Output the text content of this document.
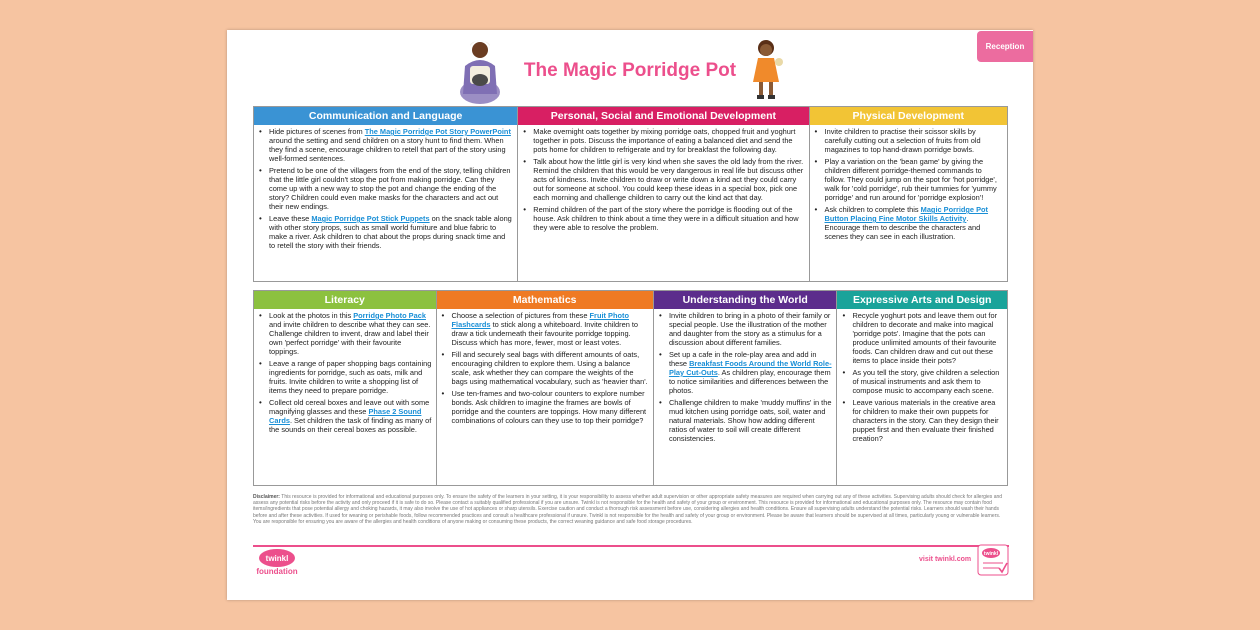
Reception
The Magic Porridge Pot
Communication and Language
• Hide pictures of scenes from The Magic Porridge Pot Story PowerPoint around the setting and send children on a story hunt to find them. When they find a scene, encourage children to retell that part of the story using well-formed sentences.
• Pretend to be one of the villagers from the end of the story, telling children that the little girl couldn't stop the pot from making porridge. Can they come up with a new way to stop the pot and change the ending of the story? Children could even make masks for the characters and act out their new endings.
• Leave these Magic Porridge Pot Stick Puppets on the snack table along with other story props, such as small world furniture and blue fabric to make a river. Ask children to chat about the props during snack time and to retell the story with their friends.
Personal, Social and Emotional Development
• Make overnight oats together by mixing porridge oats, chopped fruit and yoghurt together in pots. Discuss the importance of eating a balanced diet and send the pots home for children to refrigerate and try for breakfast the following day.
• Talk about how the little girl is very kind when she saves the old lady from the river. Remind the children that this would be very dangerous in real life but discuss other acts of kindness. Invite children to draw or write down a kind act they could carry out for someone at school. You could keep these ideas in a special box, pick one each morning and challenge children to carry out the kind act that day.
• Remind children of the part of the story where the porridge is flooding out of the house. Ask children to think about a time they were in a difficult situation and how they were able to resolve the problem.
Physical Development
• Invite children to practise their scissor skills by carefully cutting out a selection of fruits from old magazines to top hand-drawn porridge bowls.
• Play a variation on the 'bean game' by giving the children different porridge-themed commands to follow. They could jump on the spot for 'hot porridge', walk for 'cold porridge', rub their tummies for 'yummy porridge' and run around for 'porridge explosion'!
• Ask children to complete this Magic Porridge Pot Button Placing Fine Motor Skills Activity. Encourage them to describe the characters and scenes they can see in each illustration.
Literacy
• Look at the photos in this Porridge Photo Pack and invite children to describe what they can see. Challenge children to invent, draw and label their own 'perfect porridge' with their favourite toppings.
• Leave a range of paper shopping bags containing ingredients for porridge, such as oats, milk and fruits. Invite children to write a shopping list of items they need to prepare porridge.
• Collect old cereal boxes and leave out with some magnifying glasses and these Phase 2 Sound Cards. Set children the task of finding as many of the sounds on their cereal boxes as possible.
Mathematics
• Choose a selection of pictures from these Fruit Photo Flashcards to stick along a whiteboard. Invite children to draw a tick underneath their favourite porridge topping. Discuss which has more, fewer, most or least votes.
• Fill and securely seal bags with different amounts of oats, encouraging children to explore them. Using a balance scale, ask whether they can compare the weights of the bags using mathematical vocabulary, such as 'heavier than'.
• Use ten-frames and two-colour counters to explore number bonds. Ask children to imagine the frames are bowls of porridge and the counters are toppings. How many different combinations of colours can they use to top their porridge?
Understanding the World
• Invite children to bring in a photo of their family or special people. Use the illustration of the mother and daughter from the story as a stimulus for a discussion about different families.
• Set up a cafe in the role-play area and add in these Breakfast Foods Around the World Role-Play Cut-Outs. As children play, encourage them to notice similarities and differences between the photos.
• Challenge children to make 'muddy muffins' in the mud kitchen using porridge oats, soil, water and natural materials. Show how adding different ratios of water to soil will create different consistencies.
Expressive Arts and Design
• Recycle yoghurt pots and leave them out for children to decorate and make into magical 'porridge pots'. Imagine that the pots can produce unlimited amounts of their favourite foods. Can children draw and cut out these items to place inside their pots?
• As you tell the story, give children a selection of musical instruments and ask them to compose music to accompany each scene.
• Leave various materials in the creative area for children to make their own puppets for characters in the story. Can they design their puppet first and then evaluate their finished creation?
Disclaimer: This resource is provided for informational and educational purposes only. To ensure the safety of the learners in your setting, it is your responsibility to assess whether adult supervision or other appropriate safety measures are required when carrying out any of these activities. Supervising adults should check for allergies and assess any potential risks before the activity and only proceed if it is safe to do so. Please contact a suitably qualified professional if you are unsure. Twinkl is not responsible for the health and safety of your group or environment. This resource is provided for informational and educational purposes only. The resource may contain food items/ingredients that pose potential allergy and choking hazards, it may also involve the use of hot appliances or sharp utensils. Exercise caution and conduct a thorough risk assessment before use, considering allergies and health conditions. Ensure all supervising adults understand the potential risks. Learners should wash their hands before and after these activities. If used for weaning or perishable foods, follow recommended practices and consult a healthcare professional if unsure. Twinkl is not responsible for the health and safety of your group or environment. Please be aware that learners should be supervised at all times, particularly young or vulnerable learners. You are responsible for ensuring you are aware of the allergies and health conditions of anyone making or consuming these products, the correct weaning guidance and safe food storage procedures.
twinkl
foundation
visit twinkl.com
twinkl
